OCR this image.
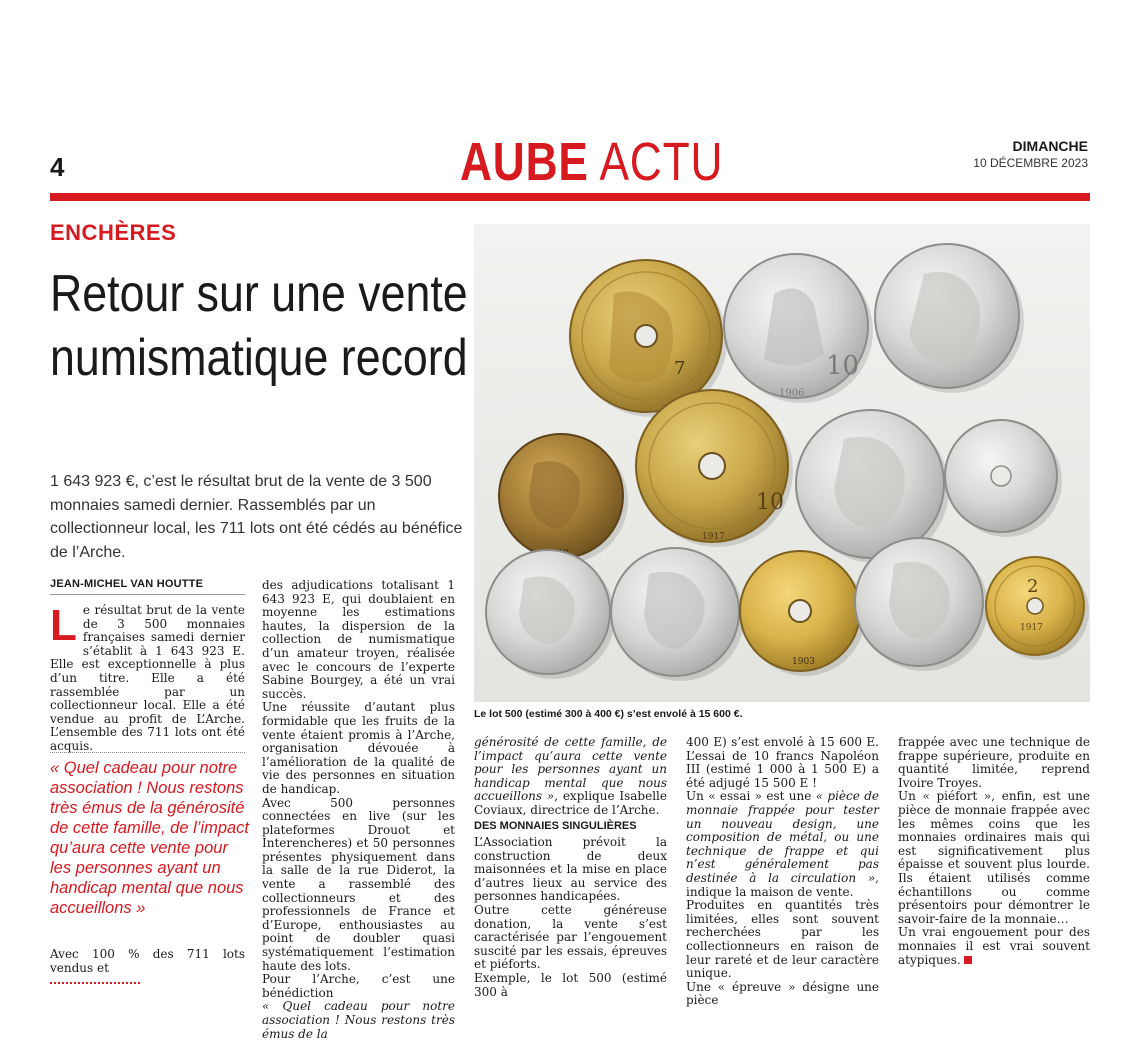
4	AUBE ACTU	DIMANCHE
10 DÉCEMBRE 2023
ENCHÈRES
Retour sur une vente numismatique record
1 643 923 €, c’est le résultat brut de la vente de 3 500 monnaies samedi dernier. Rassemblés par un collectionneur local, les 711 lots ont été cédés au bénéfice de l’Arche.
JEAN-MICHEL VAN HOUTTE

Le résultat brut de la vente de 3 500 monnaies françaises samedi dernier s’établit à 1 643 923 E. Elle est exceptionnelle à plus d’un titre. Elle a été rassemblée par un collectionneur local. Elle a été vendue au profit de L’Arche. L’ensemble des 711 lots ont été acquis.

« Quel cadeau pour notre association ! Nous restons très émus de la générosité de cette famille, de l’impact qu’aura cette vente pour les personnes ayant un handicap mental que nous accueillons »

Avec 100 % des 711 lots vendus et

des adjudications totalisant 1 643 923 E, qui doublaient en moyenne les estimations hautes, la dispersion de la collection de numismatique d’un amateur troyen, réalisée avec le concours de l’experte Sabine Bourgey, a été un vrai succès.

Une réussite d’autant plus formidable que les fruits de la vente étaient promis à l’Arche, organisation dévouée à l’amélioration de la qualité de vie des personnes en situation de handicap.

Avec 500 personnes connectées en live (sur les plateformes Drouot et Interencheres) et 50 personnes présentes physiquement dans la salle de la rue Diderot, la vente a rassemblé des collectionneurs et des professionnels de France et d’Europe, enthousiastes au point de doubler quasi systématiquement l’estimation haute des lots.

Pour l’Arche, c’est une bénédiction

« Quel cadeau pour notre association ! Nous restons très émus de la

7	10
1906
10
1917
1903
2
1917
Le lot 500 (estimé 300 à 400 €) s’est envolé à 15 600 €.

générosité de cette famille, de l’impact qu’aura cette vente pour les personnes ayant un handicap mental que nous accueillons », explique Isabelle Coviaux, directrice de l’Arche.

DES MONNAIES SINGULIÈRES

L’Association prévoit la construction de deux maisonnées et la mise en place d’autres lieux au service des personnes handicapées.

Outre cette généreuse donation, la vente s’est caractérisée par l’engouement suscité par les essais, épreuves et piéforts.

Exemple, le lot 500 (estimé 300 à

400 E) s’est envolé à 15 600 E. L’essai de 10 francs Napoléon III (estimé 1 000 à 1 500 E) a été adjugé 15 500 E !

Un « essai » est une « pièce de monnaie frappée pour tester un nouveau design, une composition de métal, ou une technique de frappe et qui n’est généralement pas destinée à la circulation », indique la maison de vente.

Produites en quantités très limitées, elles sont souvent recherchées par les collectionneurs en raison de leur rareté et de leur caractère unique.

Une « épreuve » désigne une pièce

frappée avec une technique de frappe supérieure, produite en quantité limitée, reprend Ivoire Troyes.

Un « piéfort », enfin, est une pièce de monnaie frappée avec les mêmes coins que les monnaies ordinaires mais qui est significativement plus épaisse et souvent plus lourde. Ils étaient utilisés comme échantillons ou comme présentoirs pour démontrer le savoir-faire de la monnaie…

Un vrai engouement pour des monnaies il est vrai souvent atypiques.
